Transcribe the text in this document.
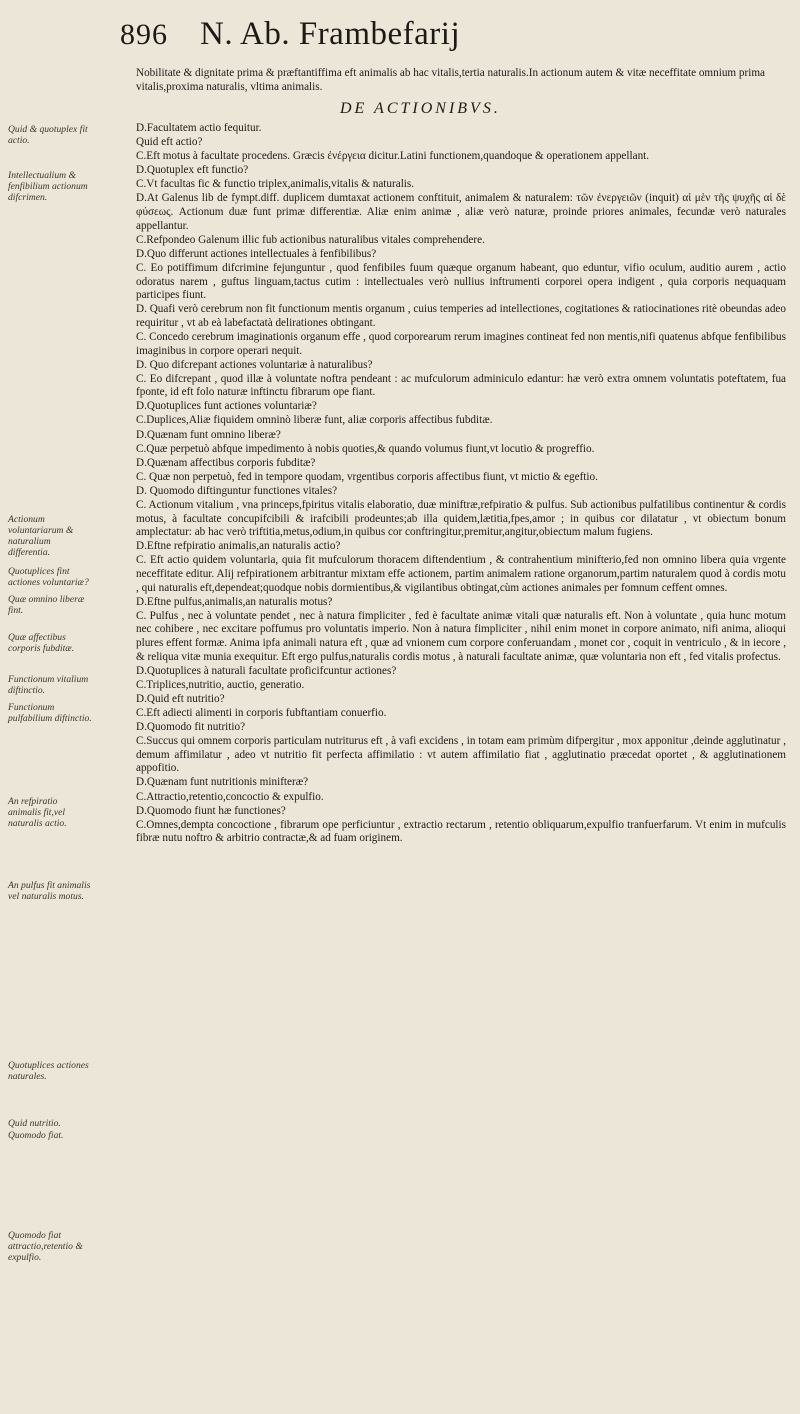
896 N. Ab. Frambefarij
Nobilitate & dignitate prima & præftantiffima eft animalis ab hac vitalis,tertia naturalis.In actionum autem & vitæ neceffitate omnium prima vitalis,proxima naturalis, vltima animalis.
DE ACTIONIBVS.

D.Facultatem actio fequitur.

Quid eft actio?

C.Eft motus à facultate procedens. Græcis ἐνέργεια dicitur.Latini functionem,quandoque & operationem appellant.

D.Quotuplex eft functio?

C.Vt facultas fic & functio triplex,animalis,vitalis & naturalis.

D.At Galenus lib de fympt.diff. duplicem dumtaxat actionem conftituit, animalem & naturalem: τῶν ἐνεργειῶν (inquit) αἱ μὲν τῆς ψυχῆς αἱ δὲ φύσεως. Actionum duæ funt primæ differentiæ. Aliæ enim animæ , aliæ verò naturæ, proinde priores animales, fecundæ verò naturales appellantur.

C.Refpondeo Galenum illic fub actionibus naturalibus vitales comprehendere.

D.Quo differunt actiones intellectuales à fenfibilibus?

C. Eo potiffimum difcrimine fejunguntur , quod fenfibiles fuum quæque organum habeant, quo eduntur, vifio oculum, auditio aurem , actio odoratus narem , guftus linguam,tactus cutim : intellectuales verò nullius inftrumenti corporei opera indigent , quia corporis nequaquam participes fiunt.

D. Quafi verò cerebrum non fit functionum mentis organum , cuius temperies ad intellectiones, cogitationes & ratiocinationes ritè obeundas adeo requiritur , vt ab eà labefactatà delirationes obtingant.

C. Concedo cerebrum imaginationis organum effe , quod corporearum rerum imagines contineat fed non mentis,nifi quatenus abfque fenfibilibus imaginibus in corpore operari nequit.

D. Quo difcrepant actiones voluntariæ à naturalibus?

C. Eo difcrepant , quod illæ à voluntate noftra pendeant : ac mufculorum adminiculo edantur: hæ verò extra omnem voluntatis poteftatem, fua fponte, id eft folo naturæ inftinctu fibrarum ope fiant.

D.Quotuplices funt actiones voluntariæ?

C.Duplices,Aliæ fiquidem omninò liberæ funt, aliæ corporis affectibus fubditæ.

D.Quænam funt omnino liberæ?

C.Quæ perpetuò abfque impedimento à nobis quoties,& quando volumus fiunt,vt locutio & progreffio.

D.Quænam affectibus corporis fubditæ?

C. Quæ non perpetuò, fed in tempore quodam, vrgentibus corporis affectibus fiunt, vt mictio & egeftio.

D. Quomodo diftinguntur functiones vitales?

C. Actionum vitalium , vna princeps,fpiritus vitalis elaboratio, duæ miniftræ,refpiratio & pulfus. Sub actionibus pulfatilibus continentur & cordis motus, à facultate concupifcibili & irafcibili prodeuntes;ab illa quidem,lætitia,fpes,amor ; in quibus cor dilatatur , vt obiectum bonum amplectatur: ab hac verò triftitia,metus,odium,in quibus cor conftringitur,premitur,angitur,obiectum malum fugiens.

D.Eftne refpiratio animalis,an naturalis actio?

C. Eft actio quidem voluntaria, quia fit mufculorum thoracem diftendentium , & contrahentium minifterio,fed non omnino libera quia vrgente neceffitate editur. Alij refpirationem arbitrantur mixtam effe actionem, partim animalem ratione organorum,partim naturalem quod à cordis motu , qui naturalis eft,dependeat;quodque nobis dormientibus,& vigilantibus obtingat,cùm actiones animales per fomnum ceffent omnes.

D.Eftne pulfus,animalis,an naturalis motus?

C. Pulfus , nec à voluntate pendet , nec à natura fimpliciter , fed è facultate animæ vitali quæ naturalis eft. Non à voluntate , quia hunc motum nec cohibere , nec excitare poffumus pro voluntatis imperio. Non à natura fimpliciter , nihil enim monet in corpore animato, nifi anima, alioqui plures effent formæ. Anima ipfa animali natura eft , quæ ad vnionem cum corpore conferuandam , monet cor , coquit in ventriculo , & in iecore , & reliqua vitæ munia exequitur. Eft ergo pulfus,naturalis cordis motus , à naturali facultate animæ, quæ voluntaria non eft , fed vitalis profectus.

D.Quotuplices à naturali facultate proficifcuntur actiones?

C.Triplices,nutritio, auctio, generatio.

D.Quid eft nutritio?

C.Eft adiecti alimenti in corporis fubftantiam conuerfio.

D.Quomodo fit nutritio?

C.Succus qui omnem corporis particulam nutriturus eft , à vafi excidens , in totam eam primùm difpergitur , mox apponitur ,deinde agglutinatur , demum affimilatur , adeo vt nutritio fit perfecta affimilatio : vt autem affimilatio fiat , agglutinatio præcedat oportet , & agglutinationem appofitio.

D.Quænam funt nutritionis minifteræ?

C.Attractio,retentio,concoctio & expulfio.

D.Quomodo fiunt hæ functiones?

C.Omnes,dempta concoctione , fibrarum ope perficiuntur , extractio rectarum , retentio obliquarum,expulfio tranfuerfarum. Vt enim in mufculis fibræ nutu noftro & arbitrio contractæ,& ad fuam originem.

Quid & quotuplex fit actio.
Intellectualium & fenfibilium actionum difcrimen.
Actionum voluntariarum & naturalium differentia.
Quotuplices fint actiones voluntariæ?
Quæ omnino liberæ fint.
Quæ affectibus corporis fubditæ.
Functionum vitalium diftinctio.
Functionum pulfabilium diftinctio.
An refpiratio animalis fit,vel naturalis actio.
An pulfus fit animalis vel naturalis motus.
Quotuplices actiones naturales.
Quid nutritio.
Quomodo fiat.
Quomodo fiat attractio,retentio & expulfio.
